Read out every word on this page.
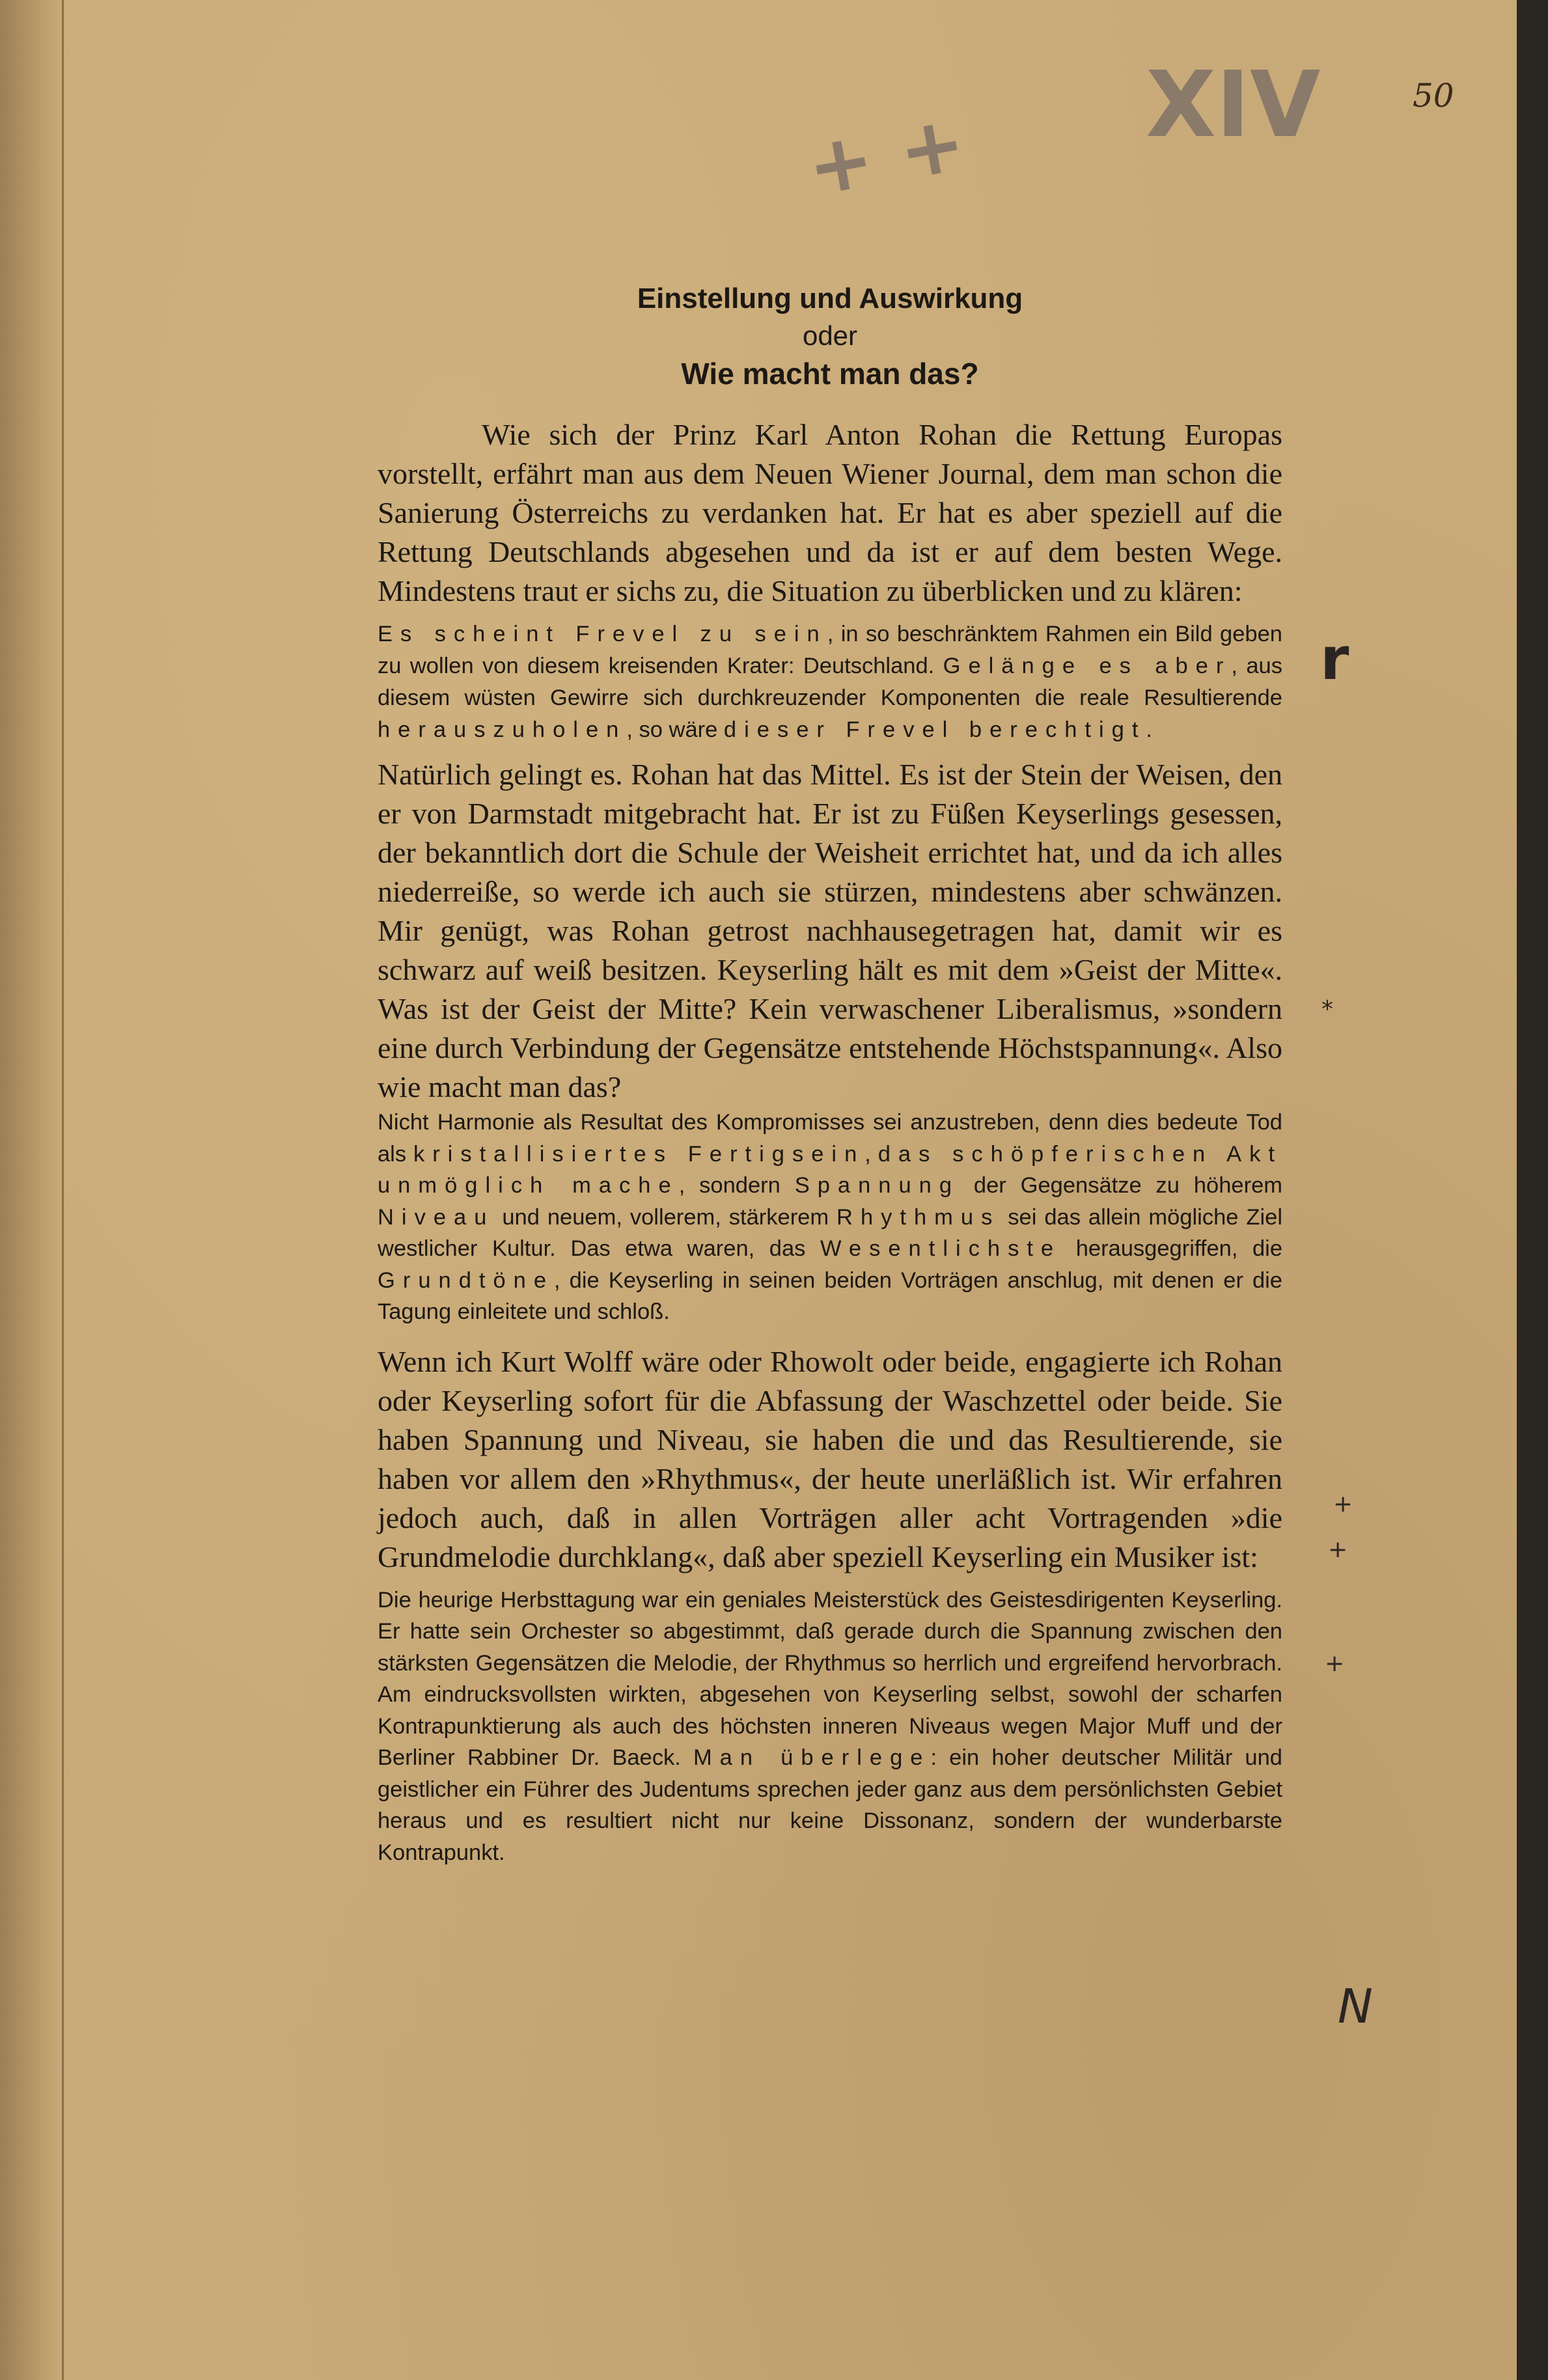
50
+ + XIV
r
*
+
+
+
N

Einstellung und Auswirkung

oder

Wie macht man das?

Wie sich der Prinz Karl Anton Rohan die Rettung Europas vorstellt, erfährt man aus dem Neuen Wiener Journal, dem man schon die Sanierung Österreichs zu verdanken hat. Er hat es aber speziell auf die Rettung Deutschlands abgesehen und da ist er auf dem besten Wege. Mindestens traut er sichs zu, die Situation zu überblicken und zu klären:

Es scheint Frevel zu sein, in so beschränktem Rahmen ein Bild geben zu wollen von diesem kreisenden Krater: Deutschland. Gelänge es aber, aus diesem wüsten Gewirre sich durchkreuzender Komponenten die reale Resultierende herauszuholen, so wäre dieser Frevel berechtigt.

Natürlich gelingt es. Rohan hat das Mittel. Es ist der Stein der Weisen, den er von Darmstadt mitgebracht hat. Er ist zu Füßen Keyserlings gesessen, der bekanntlich dort die Schule der Weisheit errichtet hat, und da ich alles niederreiße, so werde ich auch sie stürzen, mindestens aber schwänzen. Mir genügt, was Rohan getrost nachhausegetragen hat, damit wir es schwarz auf weiß besitzen. Keyserling hält es mit dem »Geist der Mitte«. Was ist der Geist der Mitte? Kein verwaschener Liberalismus, »sondern eine durch Verbindung der Gegensätze entstehende Höchstspannung«. Also wie macht man das?

Nicht Harmonie als Resultat des Kompromisses sei anzustreben, denn dies bedeute Tod als kristallisiertes Fertigsein, das schöpferischen Akt unmöglich mache, sondern Spannung der Gegensätze zu höherem Niveau und neuem, vollerem, stärkerem Rhythmus sei das allein mögliche Ziel westlicher Kultur. Das etwa waren, das Wesentlichste herausgegriffen, die Grundtöne, die Keyserling in seinen beiden Vorträgen anschlug, mit denen er die Tagung einleitete und schloß.

Wenn ich Kurt Wolff wäre oder Rhowolt oder beide, engagierte ich Rohan oder Keyserling sofort für die Abfassung der Waschzettel oder beide. Sie haben Spannung und Niveau, sie haben die und das Resultierende, sie haben vor allem den »Rhythmus«, der heute unerläßlich ist. Wir erfahren jedoch auch, daß in allen Vorträgen aller acht Vortragenden »die Grundmelodie durchklang«, daß aber speziell Keyserling ein Musiker ist:

Die heurige Herbsttagung war ein geniales Meisterstück des Geistesdirigenten Keyserling. Er hatte sein Orchester so abgestimmt, daß gerade durch die Spannung zwischen den stärksten Gegensätzen die Melodie, der Rhythmus so herrlich und ergreifend hervorbrach. Am eindrucksvollsten wirkten, abgesehen von Keyserling selbst, sowohl der scharfen Kontrapunktierung als auch des höchsten inneren Niveaus wegen Major Muff und der Berliner Rabbiner Dr. Baeck. Man überlege: ein hoher deutscher Militär und geistlicher ein Führer des Judentums sprechen jeder ganz aus dem persönlichsten Gebiet heraus und es resultiert nicht nur keine Dissonanz, sondern der wunderbarste Kontrapunkt.
